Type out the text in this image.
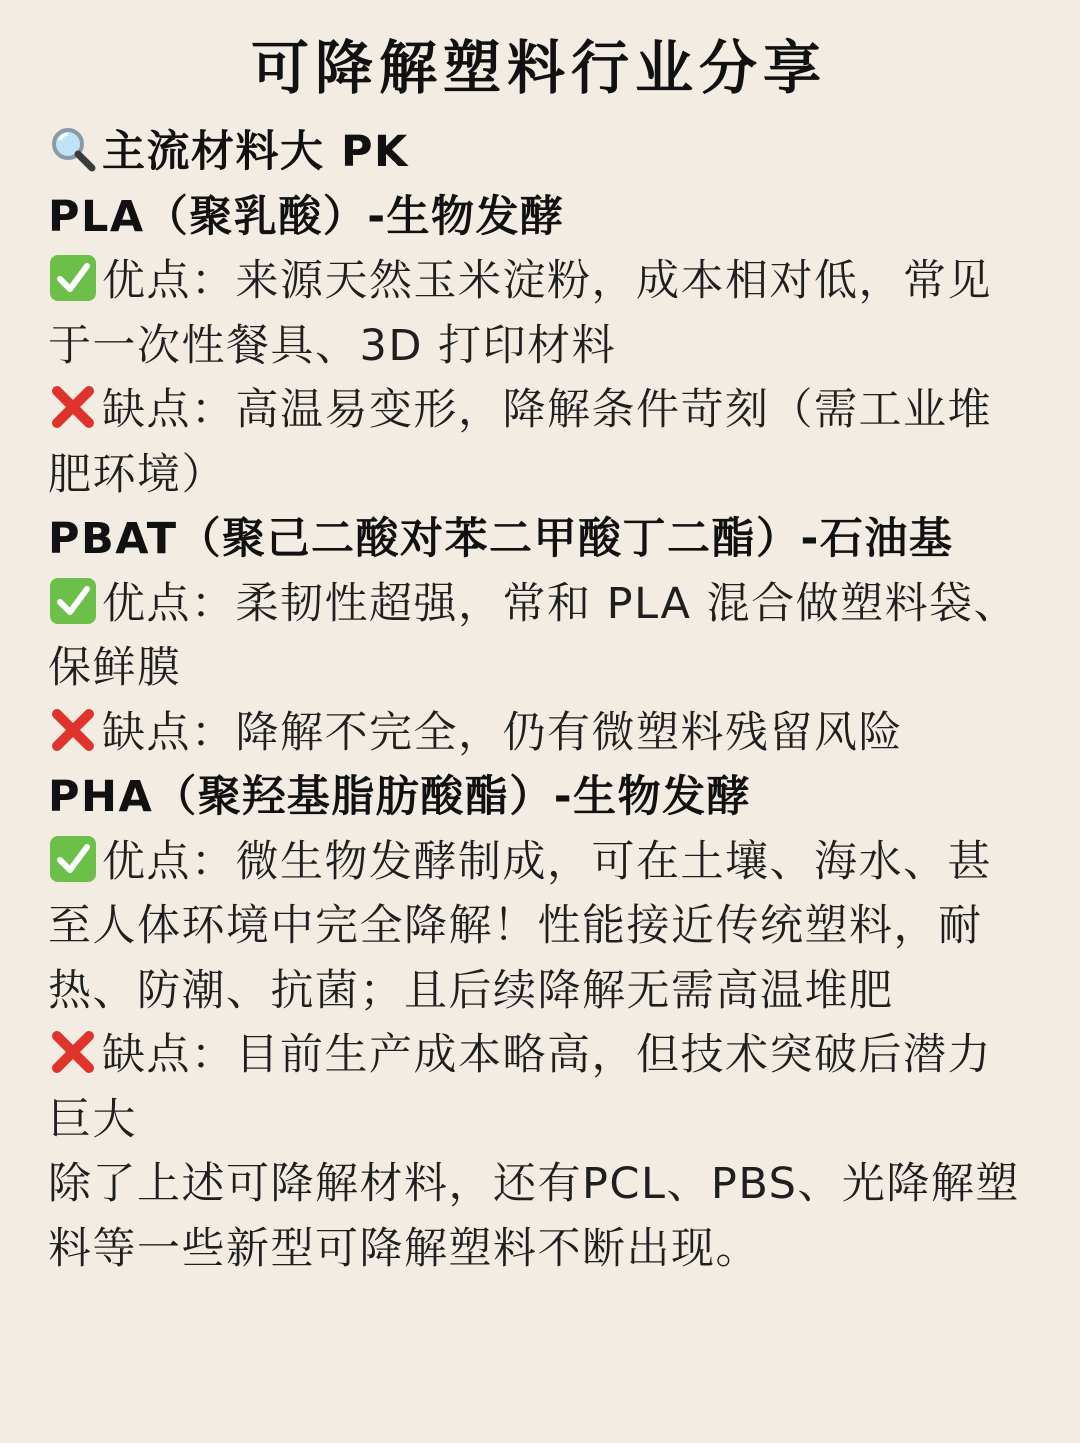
可降解塑料行业分享
主流材料大 PK
PLA（聚乳酸）-生物发酵
优点：来源天然玉米淀粉，成本相对低，常见于一次性餐具、3D 打印材料
缺点：高温易变形，降解条件苛刻（需工业堆肥环境）
PBAT（聚己二酸对苯二甲酸丁二酯）-石油基
优点：柔韧性超强，常和 PLA 混合做塑料袋、保鲜膜
缺点：降解不完全，仍有微塑料残留风险
PHA（聚羟基脂肪酸酯）-生物发酵
优点：微生物发酵制成，可在土壤、海水、甚至人体环境中完全降解！性能接近传统塑料，耐热、防潮、抗菌；且后续降解无需高温堆肥
缺点：目前生产成本略高，但技术突破后潜力巨大
除了上述可降解材料，还有PCL、PBS、光降解塑料等一些新型可降解塑料不断出现。
